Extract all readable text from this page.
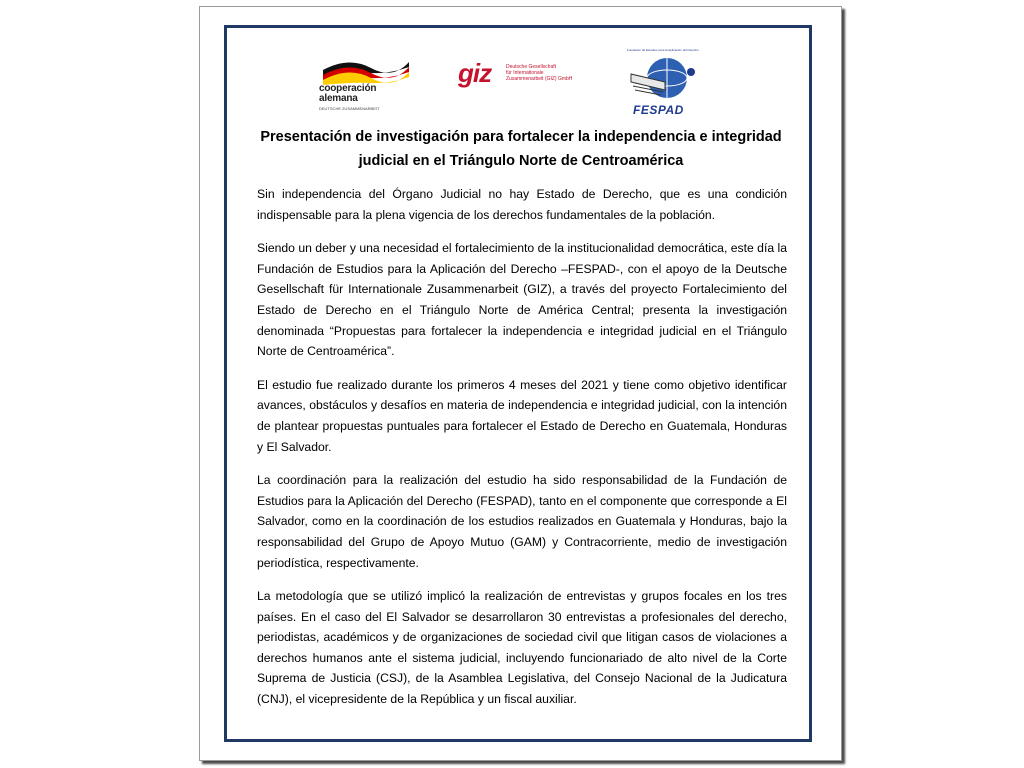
cooperación
alemana
DEUTSCHE ZUSAMMENARBEIT
giz	Deutsche Gesellschaft
für Internationale
Zusammenarbeit (GIZ) GmbH
Fundación de Estudios para la Aplicación del Derecho
FESPAD
Presentación de investigación para fortalecer la independencia e integridad judicial en el Triángulo Norte de Centroamérica

Sin independencia del Órgano Judicial no hay Estado de Derecho, que es una condición indispensable para la plena vigencia de los derechos fundamentales de la población.

Siendo un deber y una necesidad el fortalecimiento de la institucionalidad democrática, este día la Fundación de Estudios para la Aplicación del Derecho –FESPAD-, con el apoyo de la Deutsche Gesellschaft für Internationale Zusammenarbeit (GIZ), a través del proyecto Fortalecimiento del Estado de Derecho en el Triángulo Norte de América Central; presenta la investigación denominada “Propuestas para fortalecer la independencia e integridad judicial en el Triángulo Norte de Centroamérica”.

El estudio fue realizado durante los primeros 4 meses del 2021 y tiene como objetivo identificar avances, obstáculos y desafíos en materia de independencia e integridad judicial, con la intención de plantear propuestas puntuales para fortalecer el Estado de Derecho en Guatemala, Honduras y El Salvador.

La coordinación para la realización del estudio ha sido responsabilidad de la Fundación de Estudios para la Aplicación del Derecho (FESPAD), tanto en el componente que corresponde a El Salvador, como en la coordinación de los estudios realizados en Guatemala y Honduras, bajo la responsabilidad del Grupo de Apoyo Mutuo (GAM) y Contracorriente, medio de investigación periodística, respectivamente.

La metodología que se utilizó implicó la realización de entrevistas y grupos focales en los tres países. En el caso del El Salvador se desarrollaron 30 entrevistas a profesionales del derecho, periodistas, académicos y de organizaciones de sociedad civil que litigan casos de violaciones a derechos humanos ante el sistema judicial, incluyendo funcionariado de alto nivel de la Corte Suprema de Justicia (CSJ), de la Asamblea Legislativa, del Consejo Nacional de la Judicatura (CNJ), el vicepresidente de la República y un fiscal auxiliar.
